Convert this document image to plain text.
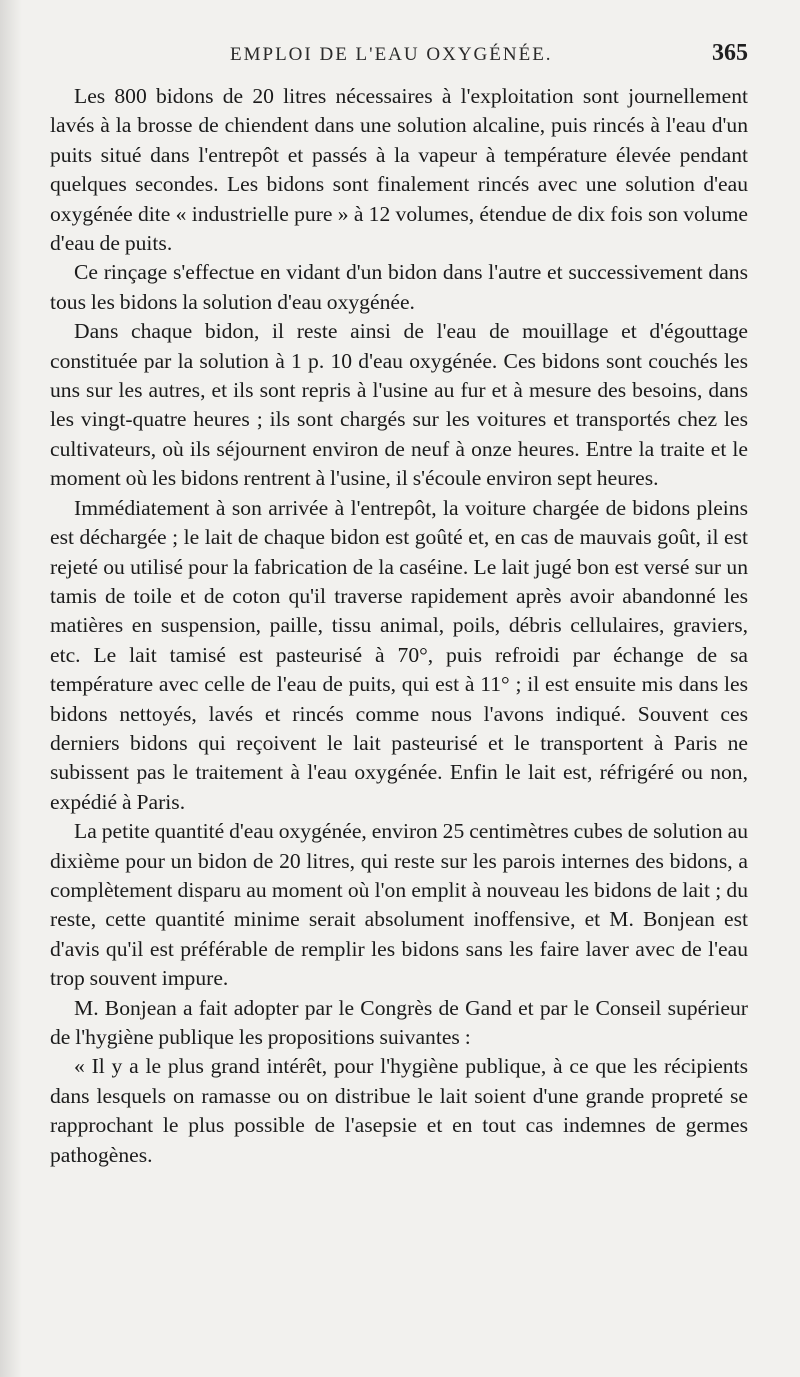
EMPLOI DE L'EAU OXYGÉNÉE.	365

Les 800 bidons de 20 litres nécessaires à l'exploitation sont journellement lavés à la brosse de chiendent dans une solution alcaline, puis rincés à l'eau d'un puits situé dans l'entrepôt et passés à la vapeur à température élevée pendant quelques secondes. Les bidons sont finalement rincés avec une solution d'eau oxygénée dite « industrielle pure » à 12 volumes, étendue de dix fois son volume d'eau de puits.

Ce rinçage s'effectue en vidant d'un bidon dans l'autre et successivement dans tous les bidons la solution d'eau oxygénée.

Dans chaque bidon, il reste ainsi de l'eau de mouillage et d'égouttage constituée par la solution à 1 p. 10 d'eau oxygénée. Ces bidons sont couchés les uns sur les autres, et ils sont repris à l'usine au fur et à mesure des besoins, dans les vingt-quatre heures ; ils sont chargés sur les voitures et transportés chez les cultivateurs, où ils séjournent environ de neuf à onze heures. Entre la traite et le moment où les bidons rentrent à l'usine, il s'écoule environ sept heures.

Immédiatement à son arrivée à l'entrepôt, la voiture chargée de bidons pleins est déchargée ; le lait de chaque bidon est goûté et, en cas de mauvais goût, il est rejeté ou utilisé pour la fabrication de la caséine. Le lait jugé bon est versé sur un tamis de toile et de coton qu'il traverse rapidement après avoir abandonné les matières en suspension, paille, tissu animal, poils, débris cellulaires, graviers, etc. Le lait tamisé est pasteurisé à 70°, puis refroidi par échange de sa température avec celle de l'eau de puits, qui est à 11° ; il est ensuite mis dans les bidons nettoyés, lavés et rincés comme nous l'avons indiqué. Souvent ces derniers bidons qui reçoivent le lait pasteurisé et le transportent à Paris ne subissent pas le traitement à l'eau oxygénée. Enfin le lait est, réfrigéré ou non, expédié à Paris.

La petite quantité d'eau oxygénée, environ 25 centimètres cubes de solution au dixième pour un bidon de 20 litres, qui reste sur les parois internes des bidons, a complètement disparu au moment où l'on emplit à nouveau les bidons de lait ; du reste, cette quantité minime serait absolument inoffensive, et M. Bonjean est d'avis qu'il est préférable de remplir les bidons sans les faire laver avec de l'eau trop souvent impure.

M. Bonjean a fait adopter par le Congrès de Gand et par le Conseil supérieur de l'hygiène publique les propositions suivantes :

« Il y a le plus grand intérêt, pour l'hygiène publique, à ce que les récipients dans lesquels on ramasse ou on distribue le lait soient d'une grande propreté se rapprochant le plus possible de l'asepsie et en tout cas indemnes de germes pathogènes.
